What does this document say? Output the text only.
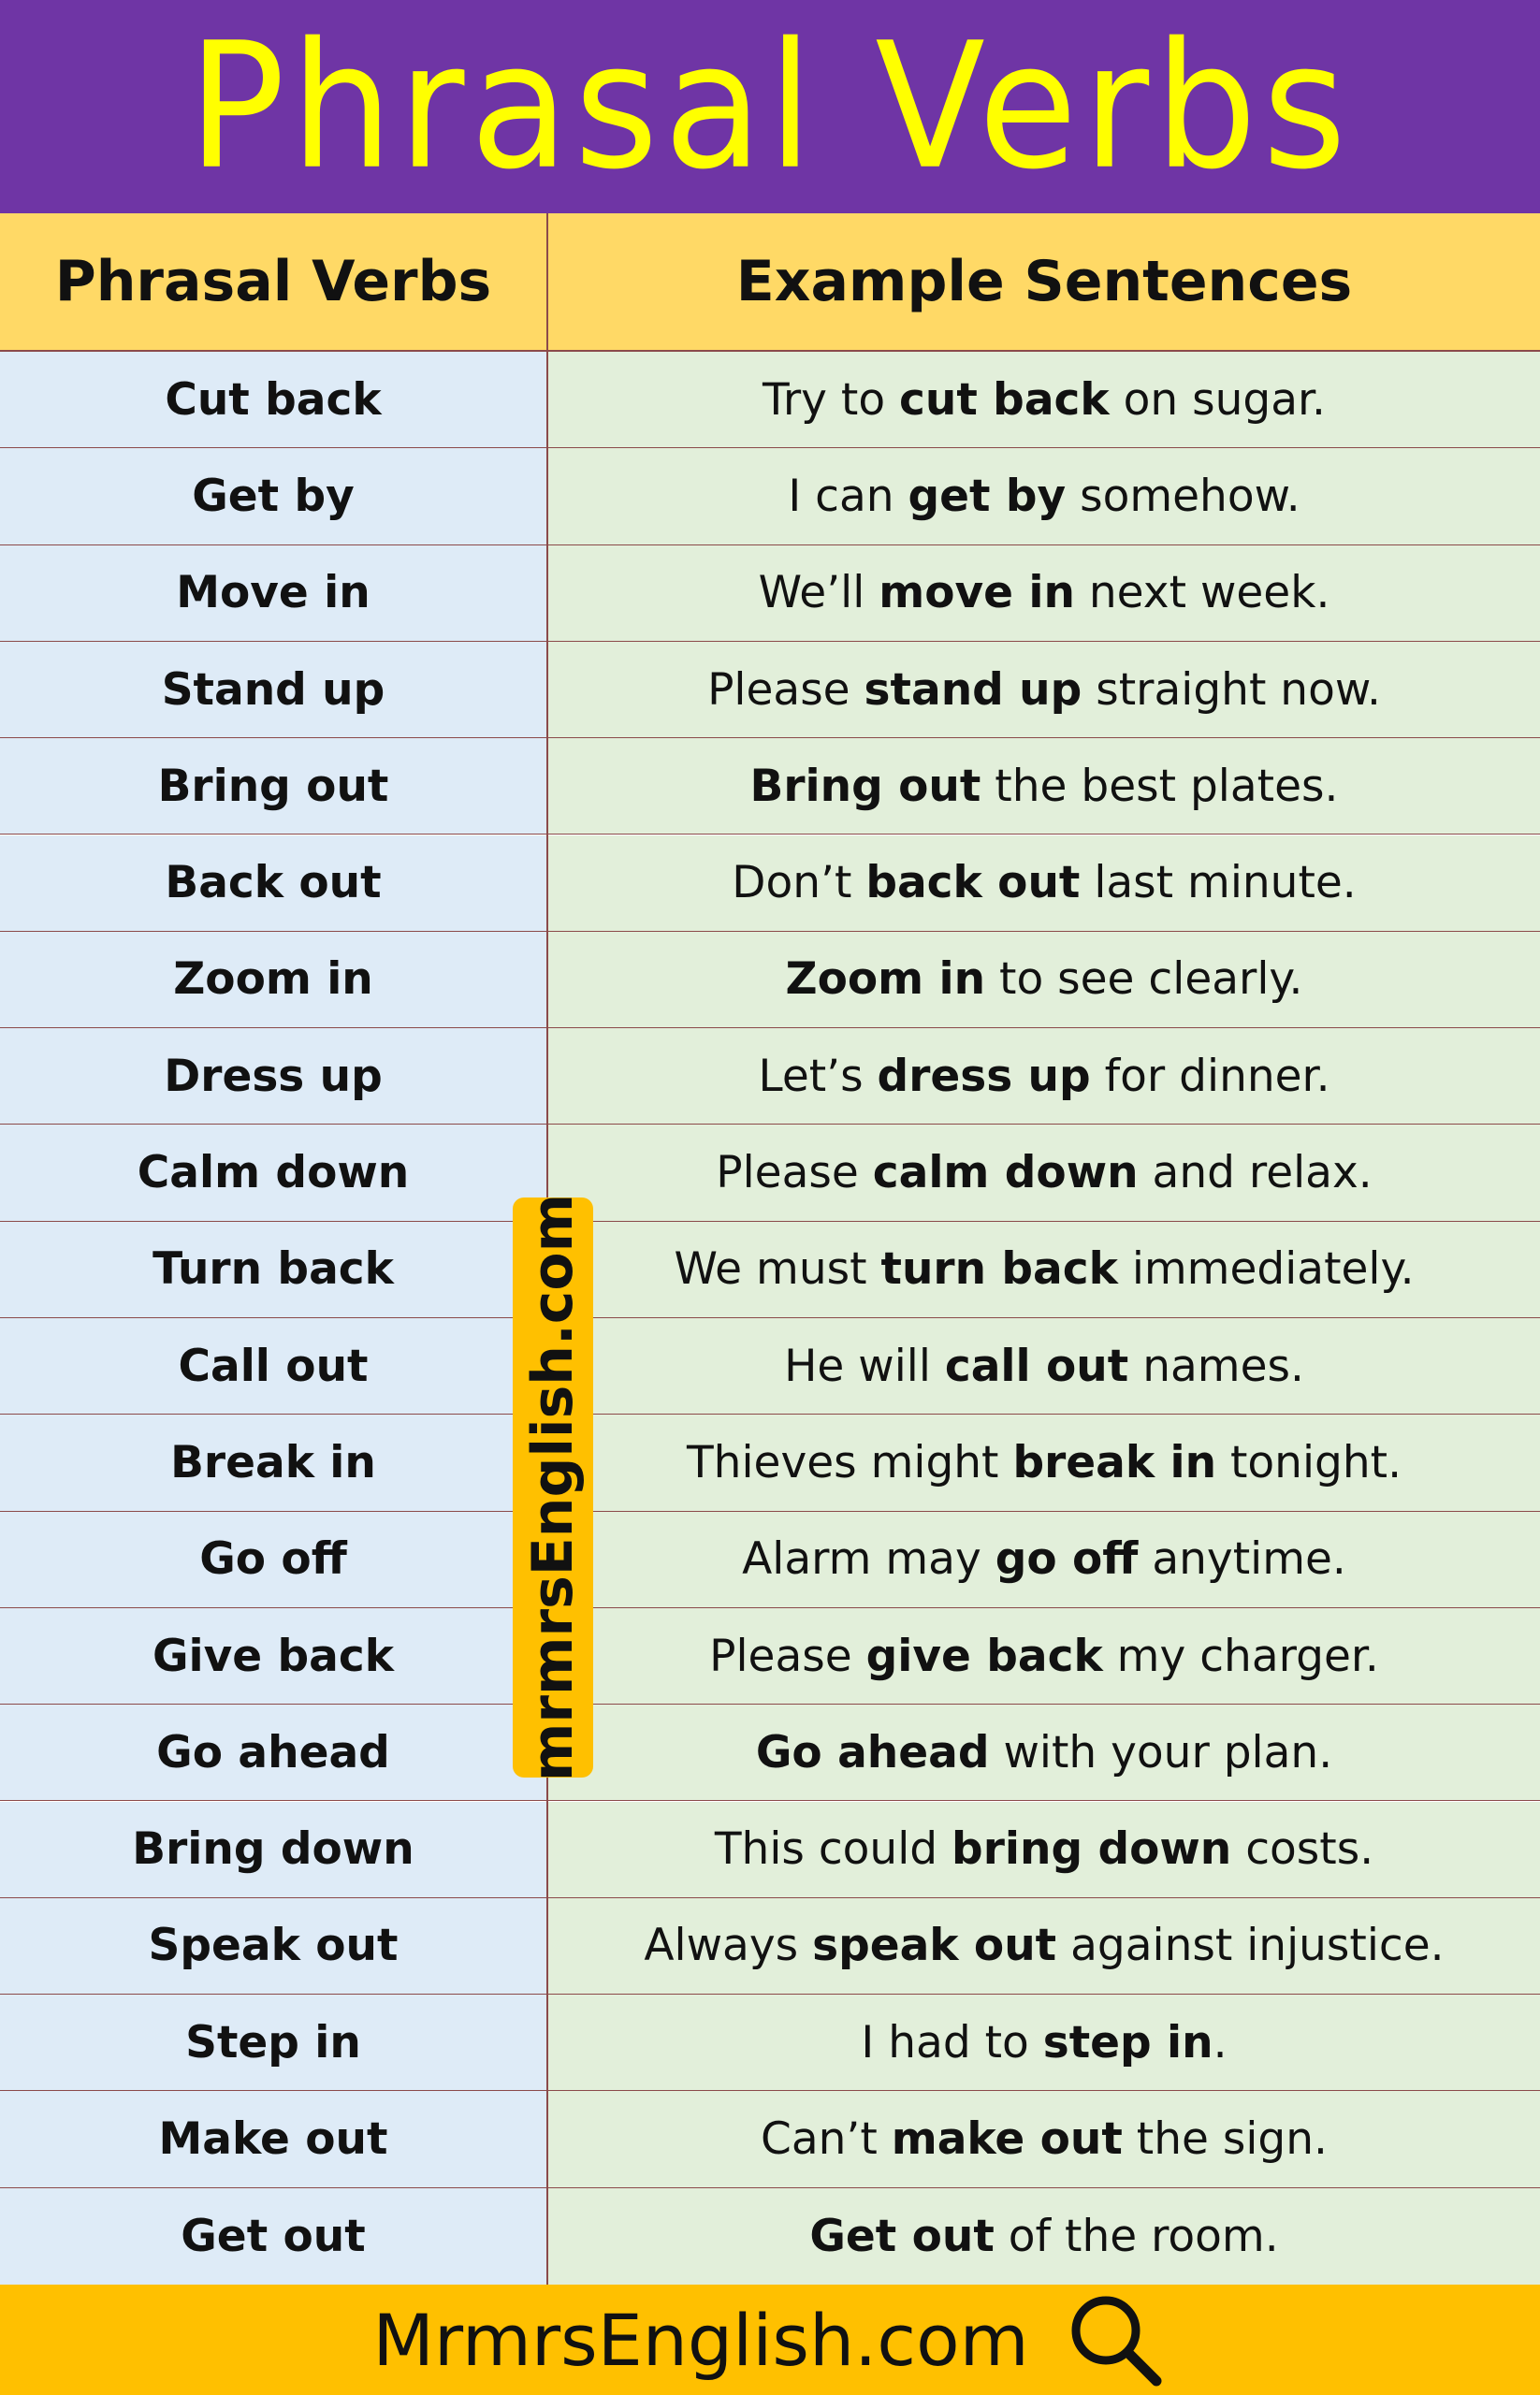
Phrasal Verbs
Phrasal Verbs	Example Sentences
Cut back	Try to cut back on sugar.
Get by	I can get by somehow.
Move in	We’ll move in next week.
Stand up	Please stand up straight now.
Bring out	Bring out the best plates.
Back out	Don’t back out last minute.
Zoom in	Zoom in to see clearly.
Dress up	Let’s dress up for dinner.
Calm down	Please calm down and relax.
Turn back	We must turn back immediately.
Call out	He will call out names.
Break in	Thieves might break in tonight.
Go off	Alarm may go off anytime.
Give back	Please give back my charger.
Go ahead	Go ahead with your plan.
Bring down	This could bring down costs.
Speak out	Always speak out against injustice.
Step in	I had to step in .
Make out	Can’t make out the sign.
Get out	Get out of the room.
mrmrsEnglish.com
MrmrsEnglish.com
